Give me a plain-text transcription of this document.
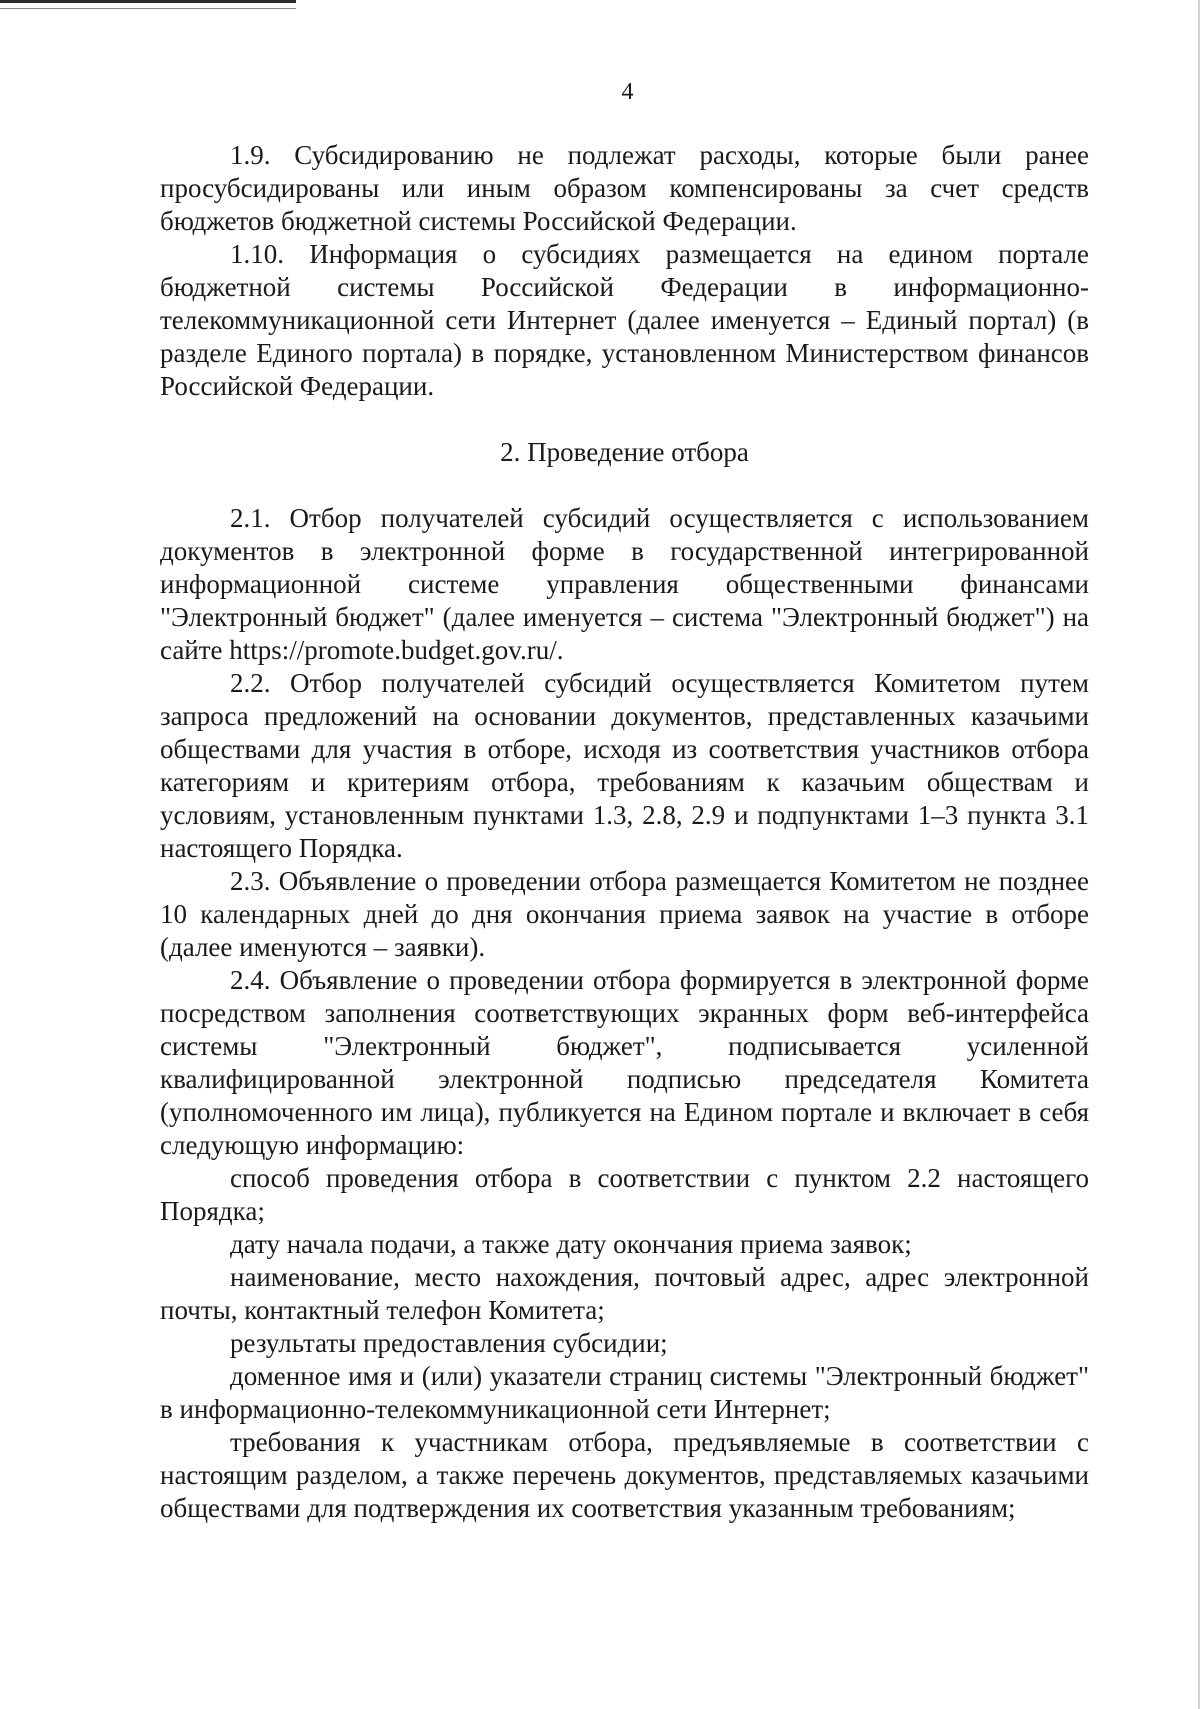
4

1.9. Субсидированию не подлежат расходы, которые были ранее просубсидированы или иным образом компенсированы за счет средств бюджетов бюджетной системы Российской Федерации.

1.10. Информация о субсидиях размещается на едином портале бюджетной системы Российской Федерации в информационно-телекоммуникационной сети Интернет (далее именуется – Единый портал) (в разделе Единого портала) в порядке, установленном Министерством финансов Российской Федерации.

2. Проведение отбора

2.1. Отбор получателей субсидий осуществляется с использованием документов в электронной форме в государственной интегрированной информационной системе управления общественными финансами "Электронный бюджет" (далее именуется – система "Электронный бюджет") на сайте https://promote.budget.gov.ru/.

2.2. Отбор получателей субсидий осуществляется Комитетом путем запроса предложений на основании документов, представленных казачьими обществами для участия в отборе, исходя из соответствия участников отбора категориям и критериям отбора, требованиям к казачьим обществам и условиям, установленным пунктами 1.3, 2.8, 2.9 и подпунктами 1–3 пункта 3.1 настоящего Порядка.

2.3. Объявление о проведении отбора размещается Комитетом не позднее 10 календарных дней до дня окончания приема заявок на участие в отборе (далее именуются – заявки).

2.4. Объявление о проведении отбора формируется в электронной форме посредством заполнения соответствующих экранных форм веб-интерфейса системы "Электронный бюджет", подписывается усиленной квалифицированной электронной подписью председателя Комитета (уполномоченного им лица), публикуется на Едином портале и включает в себя следующую информацию:

способ проведения отбора в соответствии с пунктом 2.2 настоящего Порядка;

дату начала подачи, а также дату окончания приема заявок;

наименование, место нахождения, почтовый адрес, адрес электронной почты, контактный телефон Комитета;

результаты предоставления субсидии;

доменное имя и (или) указатели страниц системы "Электронный бюджет" в информационно-телекоммуникационной сети Интернет;

требования к участникам отбора, предъявляемые в соответствии с настоящим разделом, а также перечень документов, представляемых казачьими обществами для подтверждения их соответствия указанным требованиям;
